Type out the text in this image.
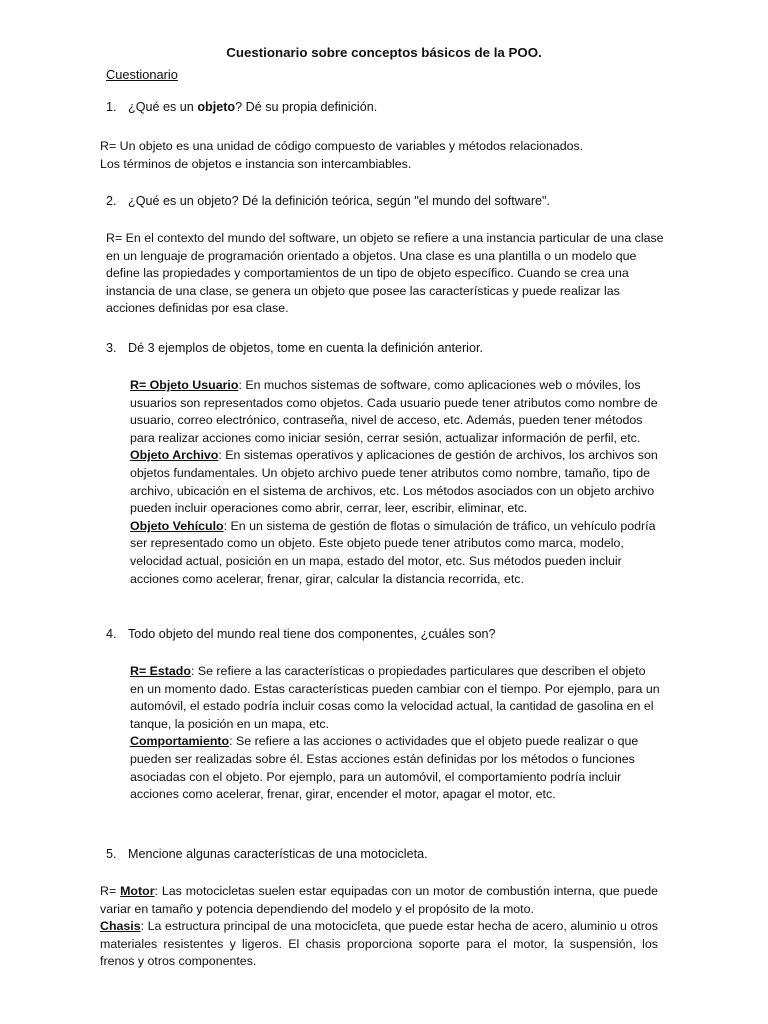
Cuestionario sobre conceptos básicos de la POO.
Cuestionario
1. ¿Qué es un objeto? Dé su propia definición.
R= Un objeto es una unidad de código compuesto de variables y métodos relacionados.
Los términos de objetos e instancia son intercambiables.
2. ¿Qué es un objeto? Dé la definición teórica, según "el mundo del software".
R= En el contexto del mundo del software, un objeto se refiere a una instancia particular de una clase en un lenguaje de programación orientado a objetos. Una clase es una plantilla o un modelo que define las propiedades y comportamientos de un tipo de objeto específico. Cuando se crea una instancia de una clase, se genera un objeto que posee las características y puede realizar las acciones definidas por esa clase.
3. Dé 3 ejemplos de objetos, tome en cuenta la definición anterior.
R= Objeto Usuario: En muchos sistemas de software, como aplicaciones web o móviles, los usuarios son representados como objetos. Cada usuario puede tener atributos como nombre de usuario, correo electrónico, contraseña, nivel de acceso, etc. Además, pueden tener métodos para realizar acciones como iniciar sesión, cerrar sesión, actualizar información de perfil, etc.
Objeto Archivo: En sistemas operativos y aplicaciones de gestión de archivos, los archivos son objetos fundamentales. Un objeto archivo puede tener atributos como nombre, tamaño, tipo de archivo, ubicación en el sistema de archivos, etc. Los métodos asociados con un objeto archivo pueden incluir operaciones como abrir, cerrar, leer, escribir, eliminar, etc.
Objeto Vehículo: En un sistema de gestión de flotas o simulación de tráfico, un vehículo podría ser representado como un objeto. Este objeto puede tener atributos como marca, modelo, velocidad actual, posición en un mapa, estado del motor, etc. Sus métodos pueden incluir acciones como acelerar, frenar, girar, calcular la distancia recorrida, etc.
4. Todo objeto del mundo real tiene dos componentes, ¿cuáles son?
R= Estado: Se refiere a las características o propiedades particulares que describen el objeto en un momento dado. Estas características pueden cambiar con el tiempo. Por ejemplo, para un automóvil, el estado podría incluir cosas como la velocidad actual, la cantidad de gasolina en el tanque, la posición en un mapa, etc.
Comportamiento: Se refiere a las acciones o actividades que el objeto puede realizar o que pueden ser realizadas sobre él. Estas acciones están definidas por los métodos o funciones asociadas con el objeto. Por ejemplo, para un automóvil, el comportamiento podría incluir acciones como acelerar, frenar, girar, encender el motor, apagar el motor, etc.
5. Mencione algunas características de una motocicleta.
R= Motor: Las motocicletas suelen estar equipadas con un motor de combustión interna, que puede variar en tamaño y potencia dependiendo del modelo y el propósito de la moto.
Chasis: La estructura principal de una motocicleta, que puede estar hecha de acero, aluminio u otros materiales resistentes y ligeros. El chasis proporciona soporte para el motor, la suspensión, los frenos y otros componentes.
